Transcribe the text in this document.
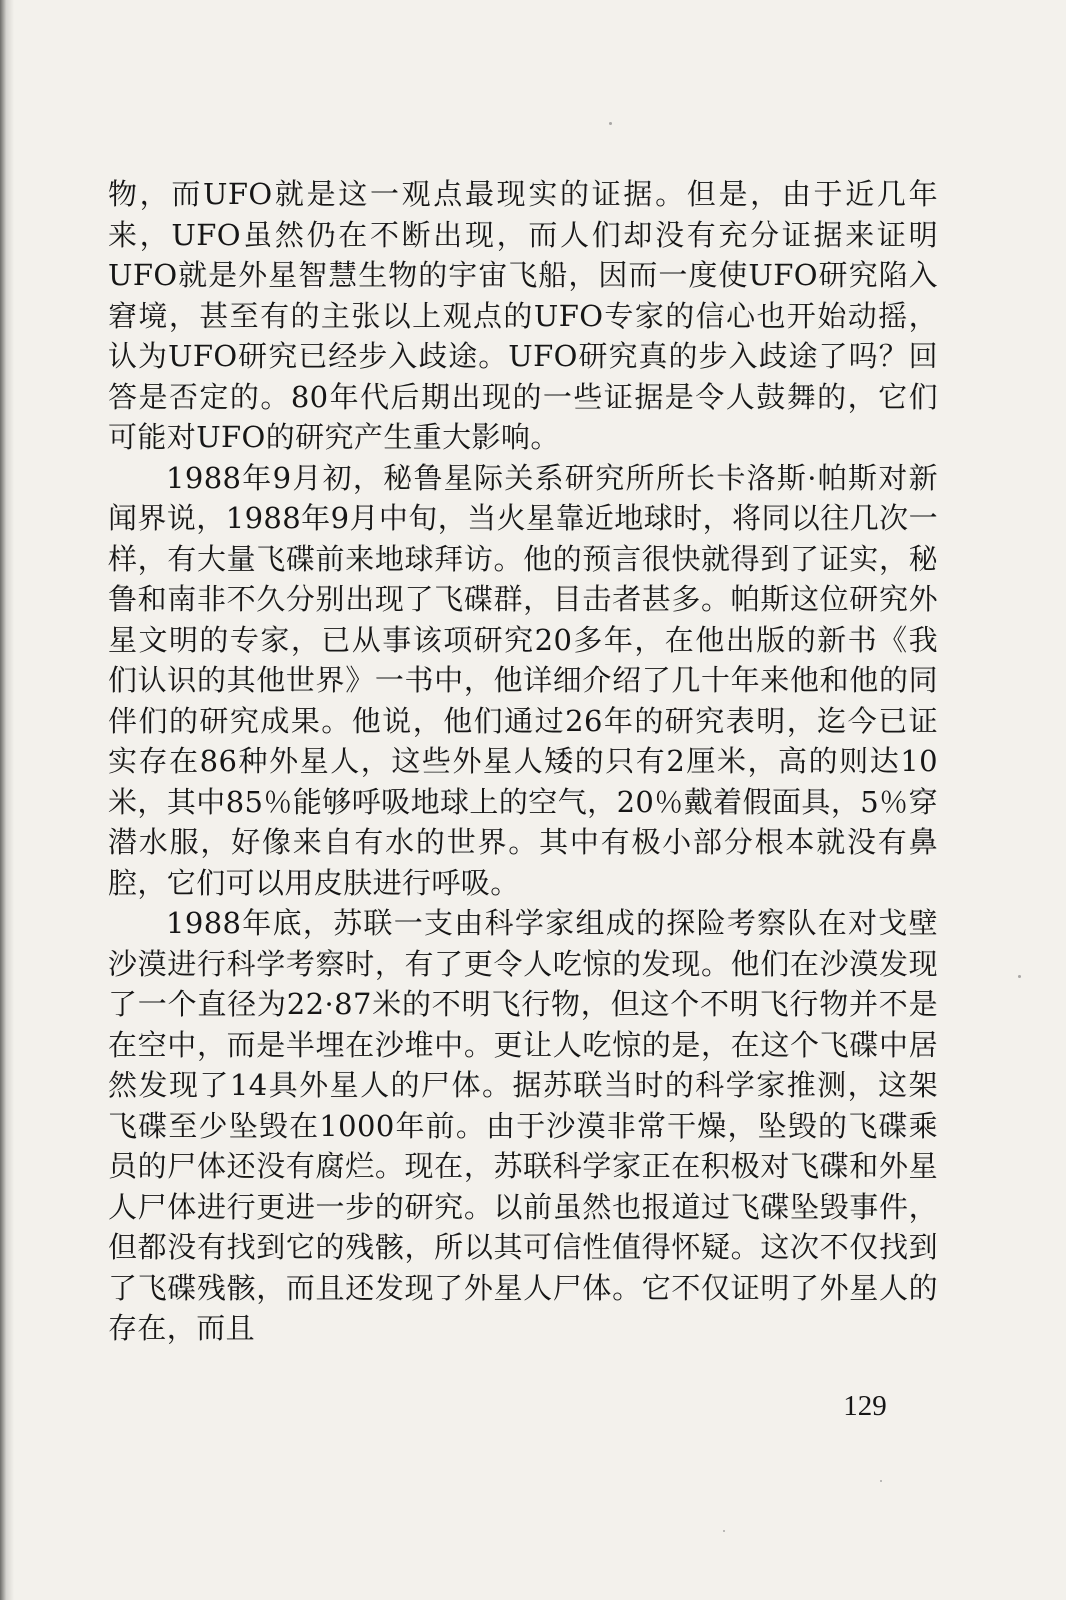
物，而UFO就是这一观点最现实的证据。但是，由于近几年来，UFO虽然仍在不断出现，而人们却没有充分证据来证明UFO就是外星智慧生物的宇宙飞船，因而一度使UFO研究陷入窘境，甚至有的主张以上观点的UFO专家的信心也开始动摇，认为UFO研究已经步入歧途。UFO研究真的步入歧途了吗？回答是否定的。80年代后期出现的一些证据是令人鼓舞的，它们可能对UFO的研究产生重大影响。

1988年9月初，秘鲁星际关系研究所所长卡洛斯·帕斯对新闻界说，1988年9月中旬，当火星靠近地球时，将同以往几次一样，有大量飞碟前来地球拜访。他的预言很快就得到了证实，秘鲁和南非不久分别出现了飞碟群，目击者甚多。帕斯这位研究外星文明的专家，已从事该项研究20多年，在他出版的新书《我们认识的其他世界》一书中，他详细介绍了几十年来他和他的同伴们的研究成果。他说，他们通过26年的研究表明，迄今已证实存在86种外星人，这些外星人矮的只有2厘米，高的则达10米，其中85％能够呼吸地球上的空气，20％戴着假面具，5％穿潜水服，好像来自有水的世界。其中有极小部分根本就没有鼻腔，它们可以用皮肤进行呼吸。

1988年底，苏联一支由科学家组成的探险考察队在对戈壁沙漠进行科学考察时，有了更令人吃惊的发现。他们在沙漠发现了一个直径为22·87米的不明飞行物，但这个不明飞行物并不是在空中，而是半埋在沙堆中。更让人吃惊的是，在这个飞碟中居然发现了14具外星人的尸体。据苏联当时的科学家推测，这架飞碟至少坠毁在1000年前。由于沙漠非常干燥，坠毁的飞碟乘员的尸体还没有腐烂。现在，苏联科学家正在积极对飞碟和外星人尸体进行更进一步的研究。以前虽然也报道过飞碟坠毁事件，但都没有找到它的残骸，所以其可信性值得怀疑。这次不仅找到了飞碟残骸，而且还发现了外星人尸体。它不仅证明了外星人的存在，而且

129
